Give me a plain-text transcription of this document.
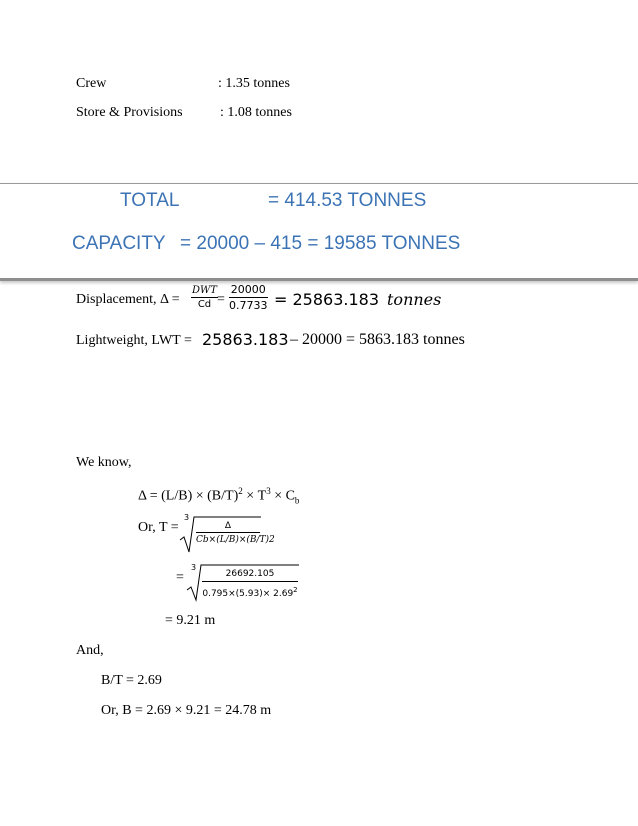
Crew	: 1.35 tonnes
Store & Provisions	: 1.08 tonnes
TOTAL	= 414.53 TONNES
CAPACITY = 20000 – 415 = 19585 TONNES
Displacement, Δ =
DWT
$Cd = \frac{20000}{0.7733} = 25863.183$ tonnes
Lightweight, LWT = 25863.183 – 20000 = 5863.183 tonnes
We know,
$\Delta = (L/B) \times (B/T)^2 \times T^3 \times C_b$
Or, T =
3
$\frac{\Delta}{Cb\times(L/B)\times(B/T)2}$
=
3
$\frac{26692.105}{0.795\times(5.93)\times 2.69^2}$
= 9.21 m
And,
B/T = 2.69
Or, B = 2.69 × 9.21 = 24.78 m
